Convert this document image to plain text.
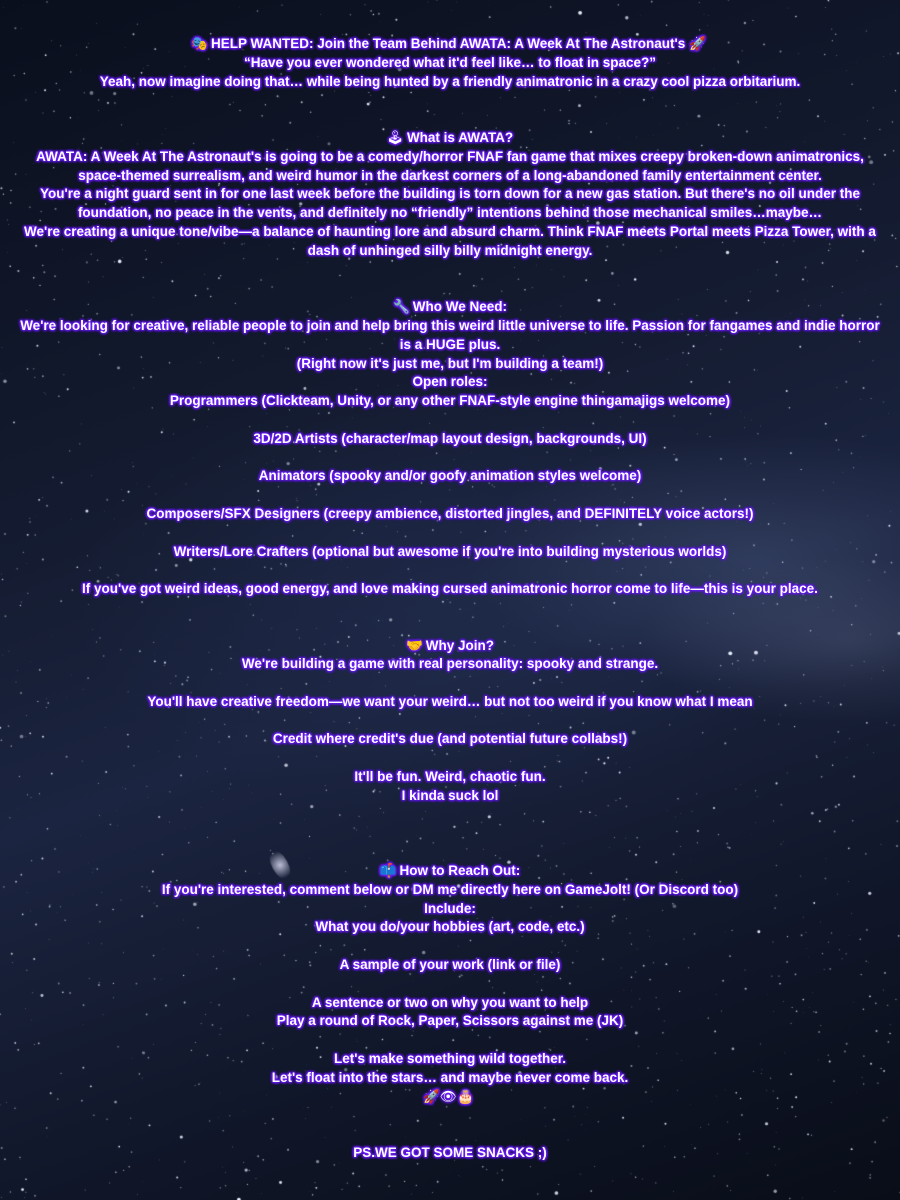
🎭 HELP WANTED: Join the Team Behind AWATA: A Week At The Astronaut's 🚀
“Have you ever wondered what it'd feel like… to float in space?”
Yeah, now imagine doing that… while being hunted by a friendly animatronic in a crazy cool pizza orbitarium.
🕹 What is AWATA?
AWATA: A Week At The Astronaut's is going to be a comedy/horror FNAF fan game that mixes creepy broken-down animatronics, space-themed surrealism, and weird humor in the darkest corners of a long-abandoned family entertainment center.
You're a night guard sent in for one last week before the building is torn down for a new gas station. But there's no oil under the foundation, no peace in the vents, and definitely no “friendly” intentions behind those mechanical smiles…maybe…
We're creating a unique tone/vibe—a balance of haunting lore and absurd charm. Think FNAF meets Portal meets Pizza Tower, with a dash of unhinged silly billy midnight energy.
🔧 Who We Need:
We're looking for creative, reliable people to join and help bring this weird little universe to life. Passion for fangames and indie horror is a HUGE plus.
(Right now it's just me, but I'm building a team!)
Open roles:
Programmers (Clickteam, Unity, or any other FNAF-style engine thingamajigs welcome)
3D/2D Artists (character/map layout design, backgrounds, UI)
Animators (spooky and/or goofy animation styles welcome)
Composers/SFX Designers (creepy ambience, distorted jingles, and DEFINITELY voice actors!)
Writers/Lore Crafters (optional but awesome if you're into building mysterious worlds)
If you've got weird ideas, good energy, and love making cursed animatronic horror come to life—this is your place.
🤝 Why Join?
We're building a game with real personality: spooky and strange.
You'll have creative freedom—we want your weird… but not too weird if you know what I mean
Credit where credit's due (and potential future collabs!)
It'll be fun. Weird, chaotic fun.
I kinda suck lol
📫 How to Reach Out:
If you're interested, comment below or DM me directly here on GameJolt! (Or Discord too)
Include:
What you do/your hobbies (art, code, etc.)
A sample of your work (link or file)
A sentence or two on why you want to help
Play a round of Rock, Paper, Scissors against me (JK)
Let's make something wild together.
Let's float into the stars… and maybe never come back.
🚀👁🎂
PS.WE GOT SOME SNACKS ;)
